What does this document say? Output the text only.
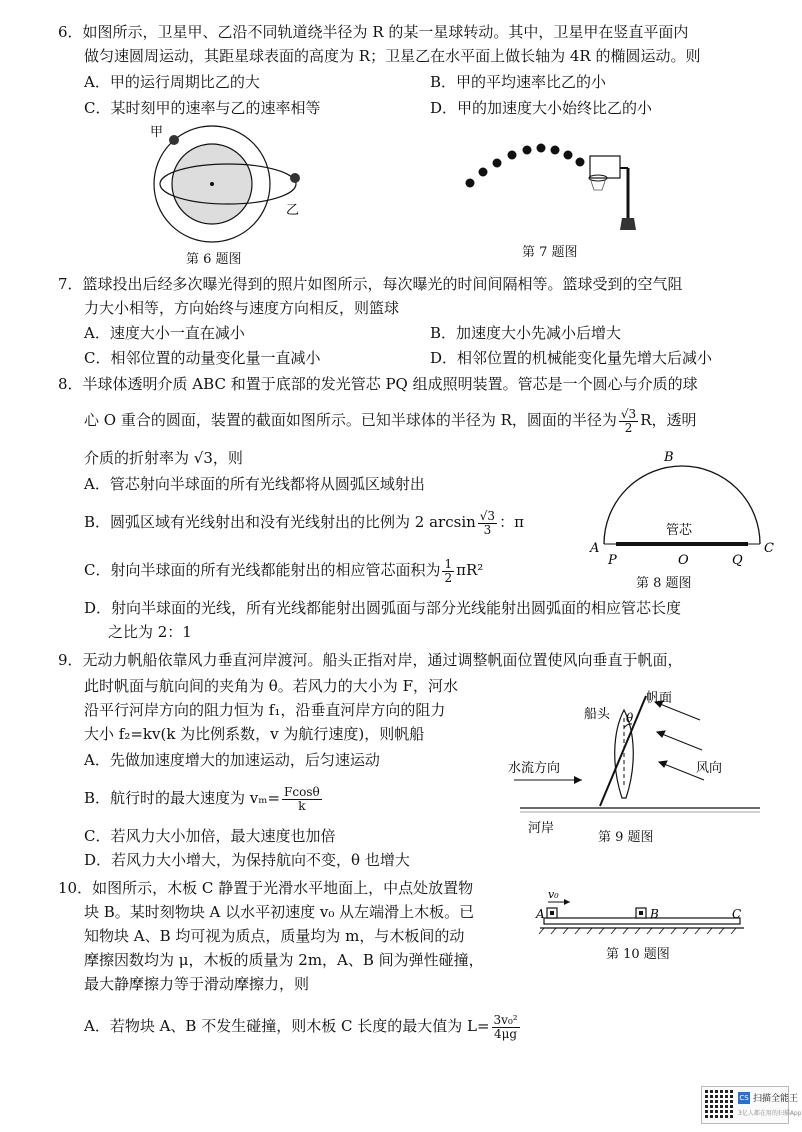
6．如图所示，卫星甲、乙沿不同轨道绕半径为 R 的某一星球转动。其中，卫星甲在竖直平面内
做匀速圆周运动，其距星球表面的高度为 R；卫星乙在水平面上做长轴为 4R 的椭圆运动。则
A．甲的运行周期比乙的大	B．甲的平均速率比乙的小
C．某时刻甲的速率与乙的速率相等	D．甲的加速度大小始终比乙的小
甲
乙
第 6 题图	第 7 题图
7．篮球投出后经多次曝光得到的照片如图所示，每次曝光的时间间隔相等。篮球受到的空气阻
力大小相等，方向始终与速度方向相反，则篮球
A．速度大小一直在减小	B．加速度大小先减小后增大
C．相邻位置的动量变化量一直减小	D．相邻位置的机械能变化量先增大后减小
8．半球体透明介质 ABC 和置于底部的发光管芯 PQ 组成照明装置。管芯是一个圆心与介质的球
心 O 重合的圆面，装置的截面如图所示。已知半球体的半径为 R，圆面的半径为 $\frac{√3}{2}$ R，透明
介质的折射率为 √3，则
A．管芯射向半球面的所有光线都将从圆弧区域射出
B．圆弧区域有光线射出和没有光线射出的比例为 2 $\arcsin \frac{√3}{3}$ ：π
C．射向半球面的所有光线都能射出的相应管芯面积为 $\frac{1}{2} \pi R^2$
D．射向半球面的光线，所有光线都能射出圆弧面与部分光线能射出圆弧面的相应管芯长度
之比为 2：1
B
A	C
P	O	Q
管芯
第 8 题图
9．无动力帆船依靠风力垂直河岸渡河。船头正指对岸，通过调整帆面位置使风向垂直于帆面，
此时帆面与航向间的夹角为 θ。若风力的大小为 F，河水
沿平行河岸方向的阻力恒为 f₁，沿垂直河岸方向的阻力
大小 f₂=kv(k 为比例系数，v 为航行速度)，则帆船
A．先做加速度增大的加速运动，后匀速运动
B．航行时的最大速度为 $v_m= \frac{Fcos\theta}{k}$
C．若风力大小加倍，最大速度也加倍
D．若风力大小增大，为保持航向不变，θ 也增大
船头
帆面
θ
水流方向	风向
河岸
第 9 题图
10．如图所示，木板 C 静置于光滑水平地面上，中点处放置物
块 B。某时刻物块 A 以水平初速度 v₀ 从左端滑上木板。已
知物块 A、B 均可视为质点，质量均为 m，与木板间的动
摩擦因数均为 μ，木板的质量为 2m，A、B 间为弹性碰撞，
最大静摩擦力等于滑动摩擦力，则
A．若物块 A、B 不发生碰撞，则木板 C 长度的最大值为 $L= \frac{\text{3v₀²}}{4\mu g}$
v₀
A	B	C
第 10 题图
CS 扫描全能王
3亿人都在用的扫描App
